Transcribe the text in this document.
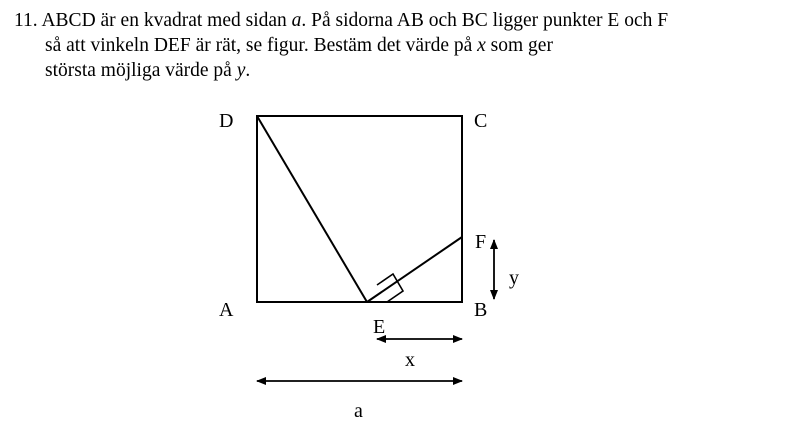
11. ABCD är en kvadrat med sidan a. På sidorna AB och BC ligger punkter E och F
så att vinkeln DEF är rät, se figur. Bestäm det värde på x som ger
största möjliga värde på y.
D	C
F
A	B
E
y
x
a
